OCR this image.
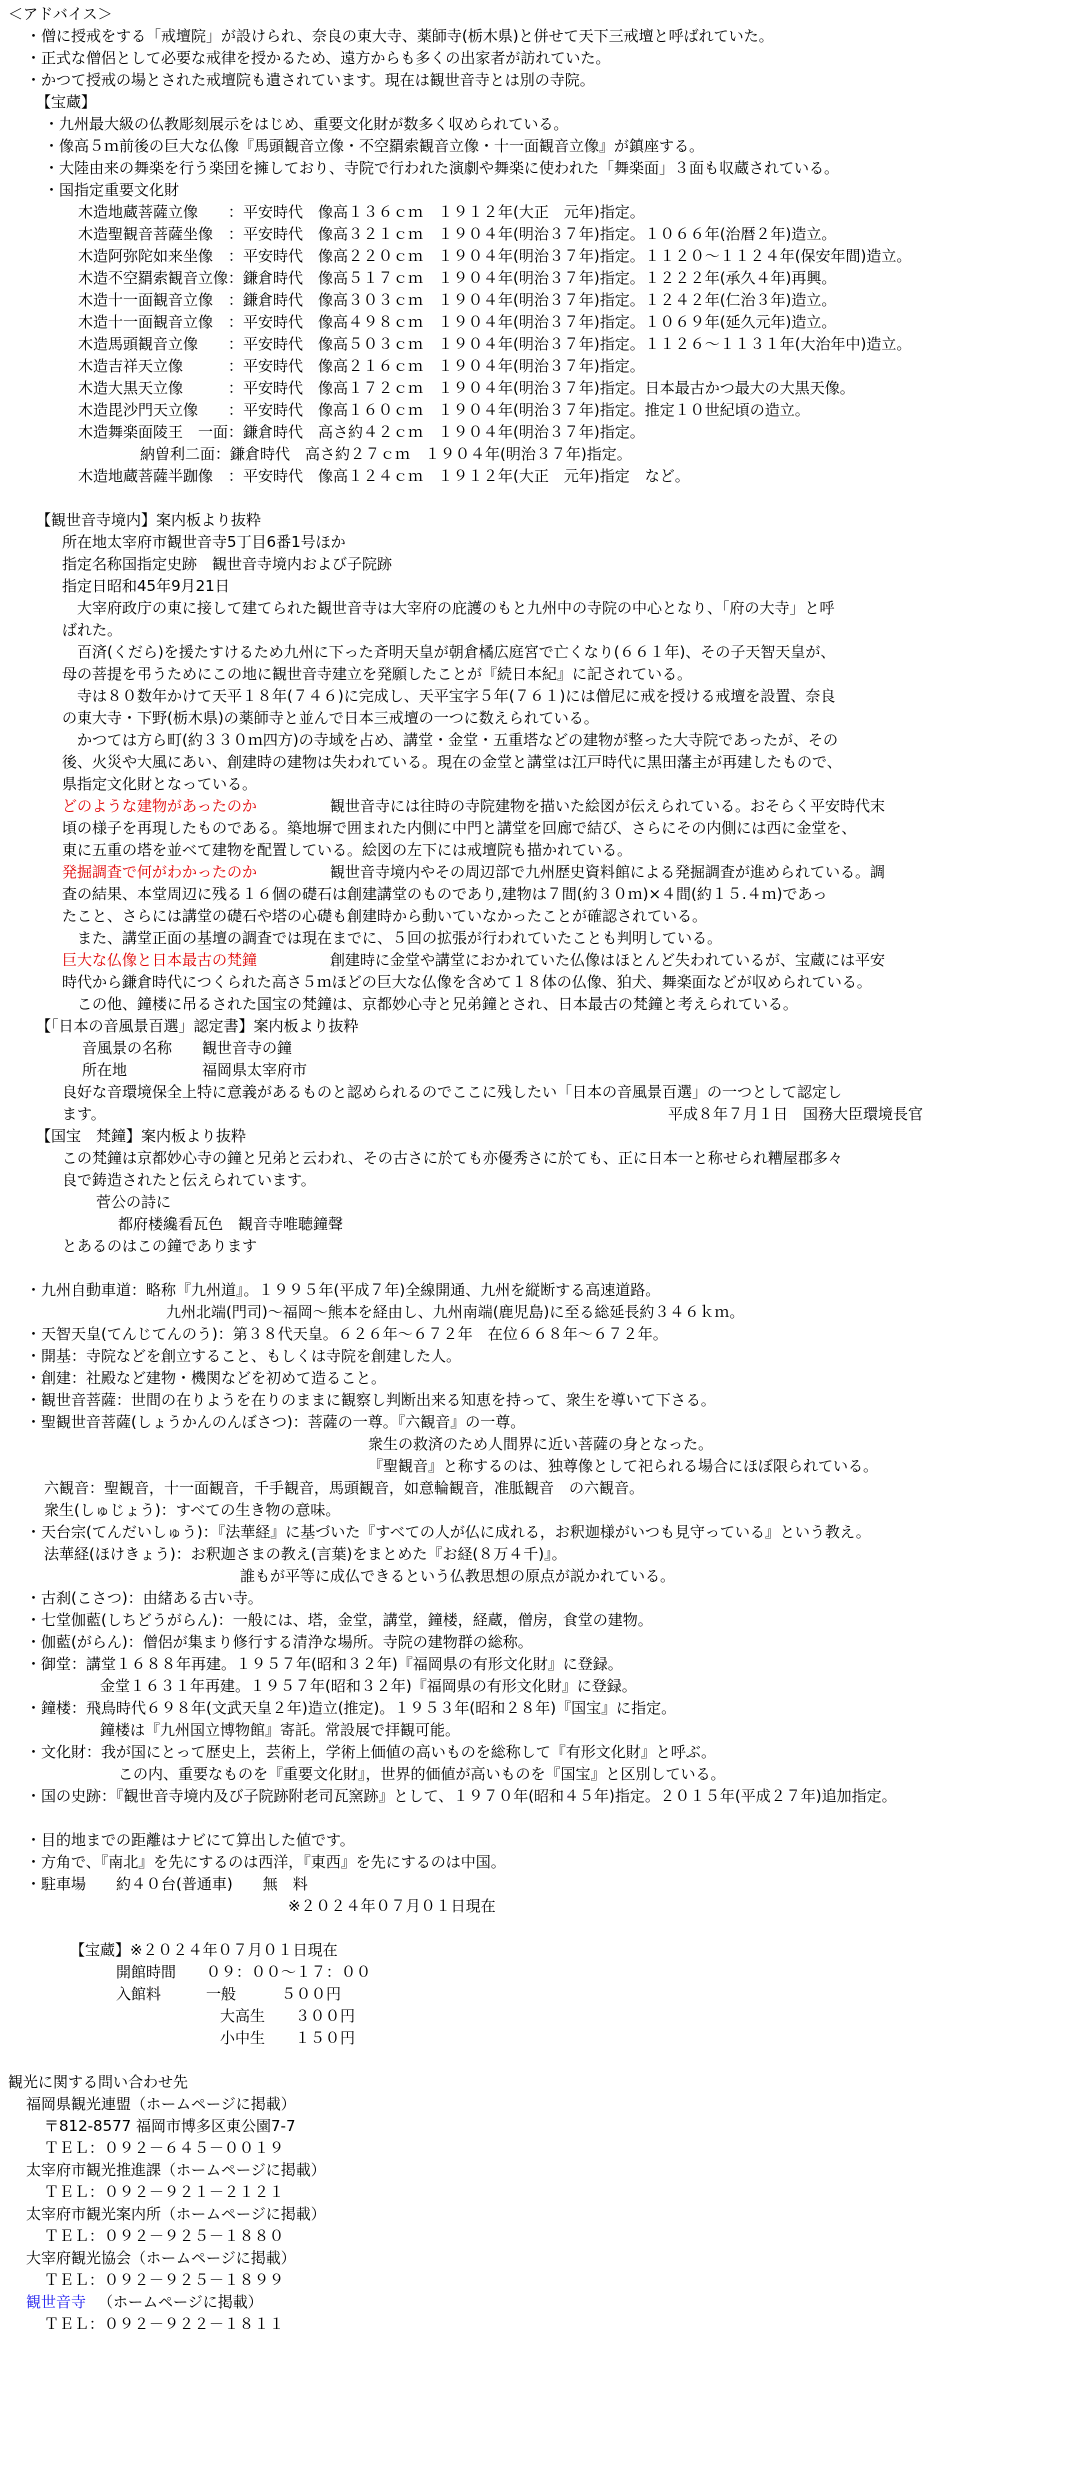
＜アドバイス＞
・僧に授戒をする「戒壇院」が設けられ、奈良の東大寺、薬師寺(栃木県)と併せて天下三戒壇と呼ばれていた。
・正式な僧侶として必要な戒律を授かるため、遠方からも多くの出家者が訪れていた。
・かつて授戒の場とされた戒壇院も遺されています。現在は観世音寺とは別の寺院。
【宝蔵】
・九州最大級の仏教彫刻展示をはじめ、重要文化財が数多く収められている。
・像高５ｍ前後の巨大な仏像『馬頭観音立像・不空羂索観音立像・十一面観音立像』が鎮座する。
・大陸由来の舞楽を行う楽団を擁しており、寺院で行われた演劇や舞楽に使われた「舞楽面」３面も収蔵されている。
・国指定重要文化財
木造地蔵菩薩立像　　：平安時代　像高１３６ｃｍ　１９１２年(大正　元年)指定。
木造聖観音菩薩坐像　：平安時代　像高３２１ｃｍ　１９０４年(明治３７年)指定。１０６６年(治暦２年)造立。
木造阿弥陀如来坐像　：平安時代　像高２２０ｃｍ　１９０４年(明治３７年)指定。１１２０～１１２４年(保安年間)造立。
木造不空羂索観音立像：鎌倉時代　像高５１７ｃｍ　１９０４年(明治３７年)指定。１２２２年(承久４年)再興。
木造十一面観音立像　：鎌倉時代　像高３０３ｃｍ　１９０４年(明治３７年)指定。１２４２年(仁治３年)造立。
木造十一面観音立像　：平安時代　像高４９８ｃｍ　１９０４年(明治３７年)指定。１０６９年(延久元年)造立。
木造馬頭観音立像　　：平安時代　像高５０３ｃｍ　１９０４年(明治３７年)指定。１１２６～１１３１年(大治年中)造立。
木造吉祥天立像　　　：平安時代　像高２１６ｃｍ　１９０４年(明治３７年)指定。
木造大黒天立像　　　：平安時代　像高１７２ｃｍ　１９０４年(明治３７年)指定。日本最古かつ最大の大黒天像。
木造毘沙門天立像　　：平安時代　像高１６０ｃｍ　１９０４年(明治３７年)指定。推定１０世紀頃の造立。
木造舞楽面陵王　一面：鎌倉時代　高さ約４２ｃｍ　１９０４年(明治３７年)指定。
納曽利二面：鎌倉時代　高さ約２７ｃｍ　１９０４年(明治３７年)指定。
木造地蔵菩薩半跏像　：平安時代　像高１２４ｃｍ　１９１２年(大正　元年)指定　など。
【観世音寺境内】案内板より抜粋
所在地太宰府市観世音寺5丁目6番1号ほか
指定名称国指定史跡　観世音寺境内および子院跡
指定日昭和45年9月21日
　大宰府政庁の東に接して建てられた観世音寺は大宰府の庇護のもと九州中の寺院の中心となり、「府の大寺」と呼
ばれた。
　百済(くだら)を援たすけるため九州に下った斉明天皇が朝倉橘広庭宮で亡くなり(６６１年)、その子天智天皇が、
母の菩提を弔うためにこの地に観世音寺建立を発願したことが『続日本紀』に記されている。
　寺は８０数年かけて天平１８年(７４６)に完成し、天平宝字５年(７６１)には僧尼に戒を授ける戒壇を設置、奈良
の東大寺・下野(栃木県)の薬師寺と並んで日本三戒壇の一つに数えられている。
　かつては方ら町(約３３０ｍ四方)の寺域を占め、講堂・金堂・五重塔などの建物が整った大寺院であったが、その
後、火災や大風にあい、創建時の建物は失われている。現在の金堂と講堂は江戸時代に黒田藩主が再建したもので、
県指定文化財となっている。
どのような建物があったのか	観世音寺には往時の寺院建物を描いた絵図が伝えられている。おそらく平安時代末
頃の様子を再現したものである。築地塀で囲まれた内側に中門と講堂を回廊で結び、さらにその内側には西に金堂を、
東に五重の塔を並べて建物を配置している。絵図の左下には戒壇院も描かれている。
発掘調査で何がわかったのか	観世音寺境内やその周辺部で九州歴史資料館による発掘調査が進められている。調
査の結果、本堂周辺に残る１６個の礎石は創建講堂のものであり,建物は７間(約３０ｍ)×４間(約１５.４ｍ)であっ
たこと、さらには講堂の礎石や塔の心礎も創建時から動いていなかったことが確認されている。
　また、講堂正面の基壇の調査では現在までに、５回の拡張が行われていたことも判明している。
巨大な仏像と日本最古の梵鐘	創建時に金堂や講堂におかれていた仏像はほとんど失われているが、宝蔵には平安
時代から鎌倉時代につくられた高さ５ｍほどの巨大な仏像を含めて１８体の仏像、狛犬、舞楽面などが収められている。
　この他、鐘楼に吊るされた国宝の梵鐘は、京都妙心寺と兄弟鐘とされ、日本最古の梵鐘と考えられている。
【「日本の音風景百選」認定書】案内板より抜粋
音風景の名称　　観世音寺の鐘
所在地　　　　　福岡県太宰府市
良好な音環境保全上特に意義があるものと認められるのでここに残したい「日本の音風景百選」の一つとして認定し
ます。	平成８年７月１日　国務大臣環境長官
【国宝　梵鐘】案内板より抜粋
この梵鐘は京都妙心寺の鐘と兄弟と云われ、その古さに於ても亦優秀さに於ても、正に日本一と称せられ糟屋郡多々
良で鋳造されたと伝えられています。
菅公の詩に
都府楼纔看瓦色　観音寺唯聴鐘聲
とあるのはこの鐘であります
・九州自動車道：略称『九州道』。１９９５年(平成７年)全線開通、九州を縦断する高速道路。
九州北端(門司)～福岡～熊本を経由し、九州南端(鹿児島)に至る総延長約３４６ｋｍ。
・天智天皇(てんじてんのう)：第３８代天皇。６２６年～６７２年　在位６６８年～６７２年。
・開基：寺院などを創立すること、もしくは寺院を創建した人。
・創建：社殿など建物・機関などを初めて造ること。
・観世音菩薩：世間の在りようを在りのままに観察し判断出来る知恵を持って、衆生を導いて下さる。
・聖観世音菩薩(しょうかんのんぼさつ)：菩薩の一尊。『六観音』の一尊。
衆生の救済のため人間界に近い菩薩の身となった。
『聖観音』と称するのは、独尊像として祀られる場合にほぼ限られている。
六観音：聖観音，十一面観音，千手観音，馬頭観音，如意輪観音，准胝観音　の六観音。
衆生(しゅじょう)：すべての生き物の意味。
・天台宗(てんだいしゅう)：『法華経』に基づいた『すべての人が仏に成れる，お釈迦様がいつも見守っている』という教え。
法華経(ほけきょう)：お釈迦さまの教え(言葉)をまとめた『お経(８万４千)』。
誰もが平等に成仏できるという仏教思想の原点が説かれている。
・古刹(こさつ)：由緒ある古い寺。
・七堂伽藍(しちどうがらん)：一般には、塔，金堂，講堂，鐘楼，経蔵，僧房，食堂の建物。
・伽藍(がらん)：僧侶が集まり修行する清浄な場所。寺院の建物群の総称。
・御堂：講堂１６８８年再建。１９５７年(昭和３２年)『福岡県の有形文化財』に登録。
金堂１６３１年再建。１９５７年(昭和３２年)『福岡県の有形文化財』に登録。
・鐘楼：飛鳥時代６９８年(文武天皇２年)造立(推定)。１９５３年(昭和２８年)『国宝』に指定。
鐘楼は『九州国立博物館』寄託。常設展で拝観可能。
・文化財：我が国にとって歴史上，芸術上，学術上価値の高いものを総称して『有形文化財』と呼ぶ。
この内、重要なものを『重要文化財』，世界的価値が高いものを『国宝』と区別している。
・国の史跡：『観世音寺境内及び子院跡附老司瓦窯跡』として、１９７０年(昭和４５年)指定。２０１５年(平成２７年)追加指定。
・目的地までの距離はナビにて算出した値です。
・方角で、『南北』を先にするのは西洋，『東西』を先にするのは中国。
・駐車場　　約４０台(普通車)　　無　料
※２０２４年０７月０１日現在
【宝蔵】※２０２４年０７月０１日現在
開館時間　　０９：００～１７：００
入館料　　　一般　　　５００円
大高生　　３００円
小中生　　１５０円
観光に関する問い合わせ先
福岡県観光連盟（ホームページに掲載）
〒812-8577 福岡市博多区東公園7-7
ＴＥＬ：０９２－６４５－００１９
太宰府市観光推進課（ホームページに掲載）
ＴＥＬ：０９２－９２１－２１２１
太宰府市観光案内所（ホームページに掲載）
ＴＥＬ：０９２－９２５－１８８０
大宰府観光協会（ホームページに掲載）
ＴＥＬ：０９２－９２５－１８９９
観世音寺 （ホームページに掲載）
ＴＥＬ：０９２－９２２－１８１１
